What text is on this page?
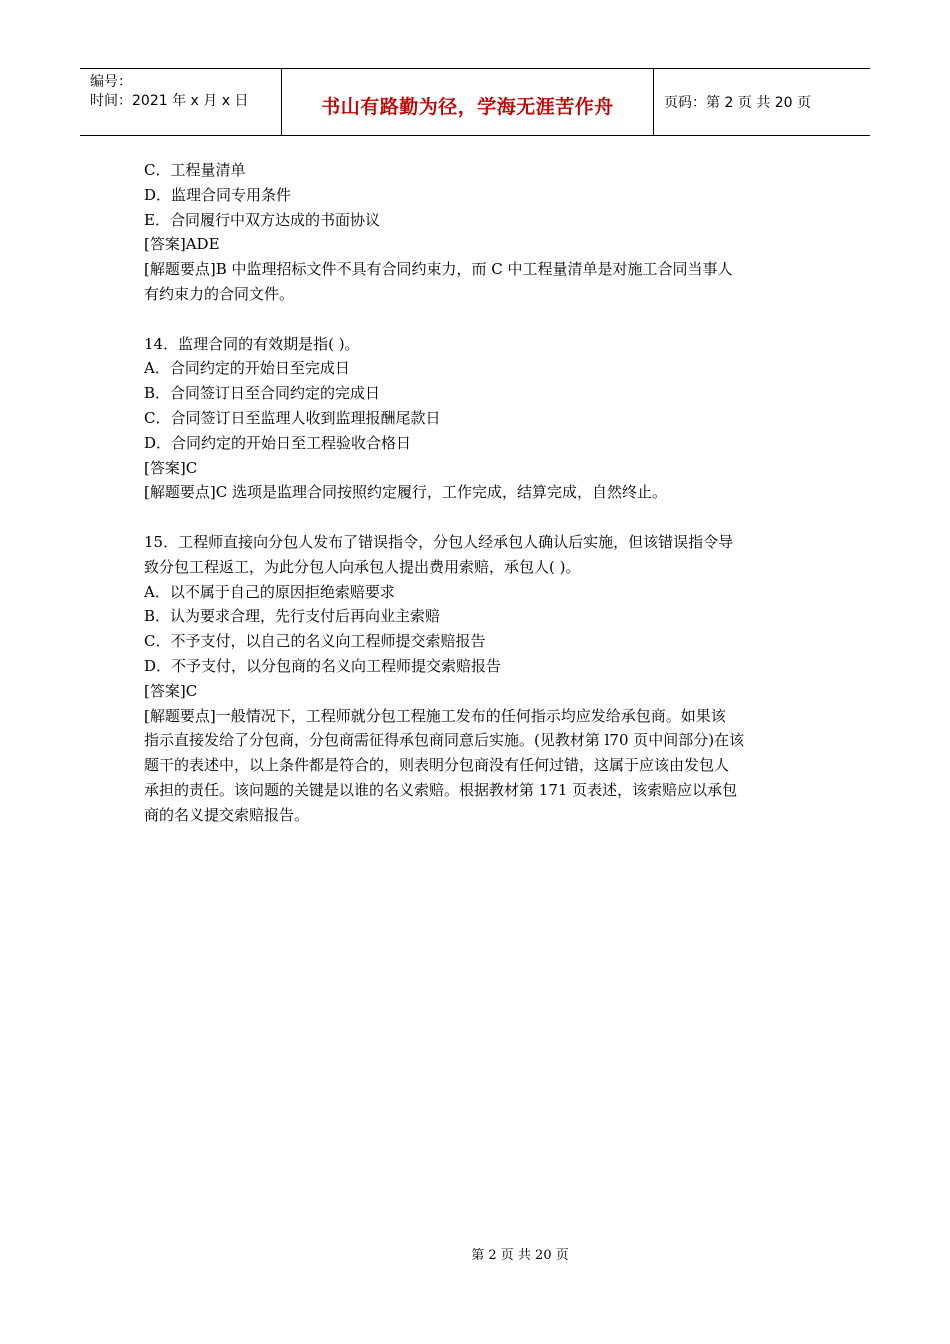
编号：
时间：2021 年 x 月 x 日	书山有路勤为径，学海无涯苦作舟	页码：第 2 页 共 20 页

C．工程量清单

D．监理合同专用条件

E．合同履行中双方达成的书面协议

[答案]ADE

[解题要点]B 中监理招标文件不具有合同约束力，而 C 中工程量清单是对施工合同当事人

有约束力的合同文件。

14．监理合同的有效期是指( )。

A．合同约定的开始日至完成日

B．合同签订日至合同约定的完成日

C．合同签订日至监理人收到监理报酬尾款日

D．合同约定的开始日至工程验收合格日

[答案]C

[解题要点]C 选项是监理合同按照约定履行，工作完成，结算完成，自然终止。

15．工程师直接向分包人发布了错误指令，分包人经承包人确认后实施，但该错误指令导

致分包工程返工，为此分包人向承包人提出费用索赔，承包人( )。

A．以不属于自己的原因拒绝索赔要求

B．认为要求合理，先行支付后再向业主索赔

C．不予支付，以自己的名义向工程师提交索赔报告

D．不予支付，以分包商的名义向工程师提交索赔报告

[答案]C

[解题要点]一般情况下，工程师就分包工程施工发布的任何指示均应发给承包商。如果该

指示直接发给了分包商，分包商需征得承包商同意后实施。(见教材第 l70 页中间部分)在该

题干的表述中，以上条件都是符合的，则表明分包商没有任何过错，这属于应该由发包人

承担的责任。该问题的关键是以谁的名义索赔。根据教材第 171 页表述，该索赔应以承包

商的名义提交索赔报告。

第 2 页 共 20 页
